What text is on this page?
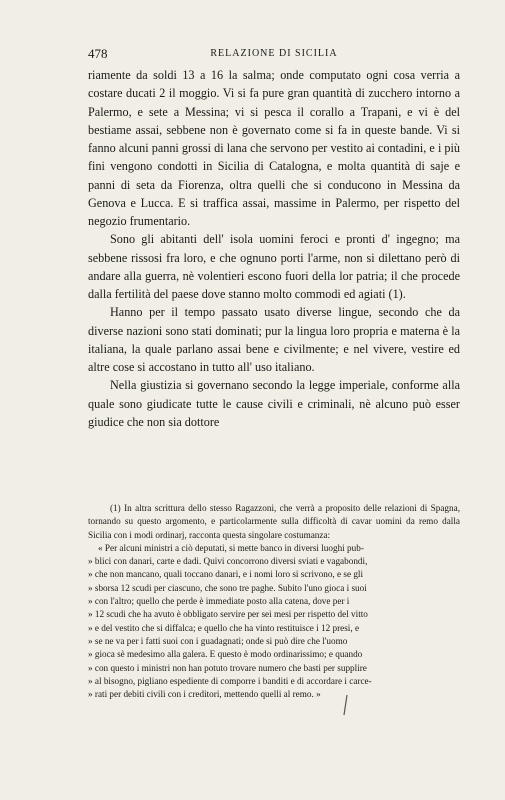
478	RELAZIONE DI SICILIA

riamente da soldi 13 a 16 la salma; onde computato ogni cosa verria a costare ducati 2 il moggio. Vi si fa pure gran quantità di zucchero intorno a Palermo, e sete a Messina; vi si pesca il corallo a Trapani, e vi è del bestiame assai, sebbene non è governato come si fa in queste bande. Vi si fanno alcuni panni grossi di lana che servono per vestito ai contadini, e i più fini vengono condotti in Sicilia di Catalogna, e molta quantità di saje e panni di seta da Fiorenza, oltra quelli che si conducono in Messina da Genova e Lucca. E si traffica assai, massime in Palermo, per rispetto del negozio frumentario.

Sono gli abitanti dell' isola uomini feroci e pronti d' ingegno; ma sebbene rissosi fra loro, e che ognuno porti l'arme, non si dilettano però di andare alla guerra, nè volentieri escono fuori della lor patria; il che procede dalla fertilità del paese dove stanno molto commodi ed agiati (1).

Hanno per il tempo passato usato diverse lingue, secondo che da diverse nazioni sono stati dominati; pur la lingua loro propria e materna è la italiana, la quale parlano assai bene e civilmente; e nel vivere, vestire ed altre cose si accostano in tutto all' uso italiano.

Nella giustizia si governano secondo la legge imperiale, conforme alla quale sono giudicate tutte le cause civili e criminali, nè alcuno può esser giudice che non sia dottore

(1) In altra scrittura dello stesso Ragazzoni, che verrà a proposito delle relazioni di Spagna, tornando su questo argomento, e particolarmente sulla difficoltà di cavar uomini da remo dalla Sicilia con i modi ordinarj, racconta questa singolare costumanza:

« Per alcuni ministri a ciò deputati, si mette banco in diversi luoghi pub-
» blici con danari, carte e dadi. Quivi concorrono diversi sviati e vagabondi,
» che non mancano, quali toccano danari, e i nomi loro si scrivono, e se gli
» sborsa 12 scudi per ciascuno, che sono tre paghe. Subito l'uno gioca i suoi
» con l'altro; quello che perde è immediate posto alla catena, dove per i
» 12 scudi che ha avuto è obbligato servire per sei mesi per rispetto del vitto
» e del vestito che si diffalca; e quello che ha vinto restituisce i 12 presi, e
» se ne va per i fatti suoi con i guadagnati; onde si può dire che l'uomo
» gioca sè medesimo alla galera. E questo è modo ordinarissimo; e quando
» con questo i ministri non han potuto trovare numero che basti per supplire
» al bisogno, pigliano espediente di comporre i banditi e di accordare i carce-
» rati per debiti civili con i creditori, mettendo quelli al remo. »
